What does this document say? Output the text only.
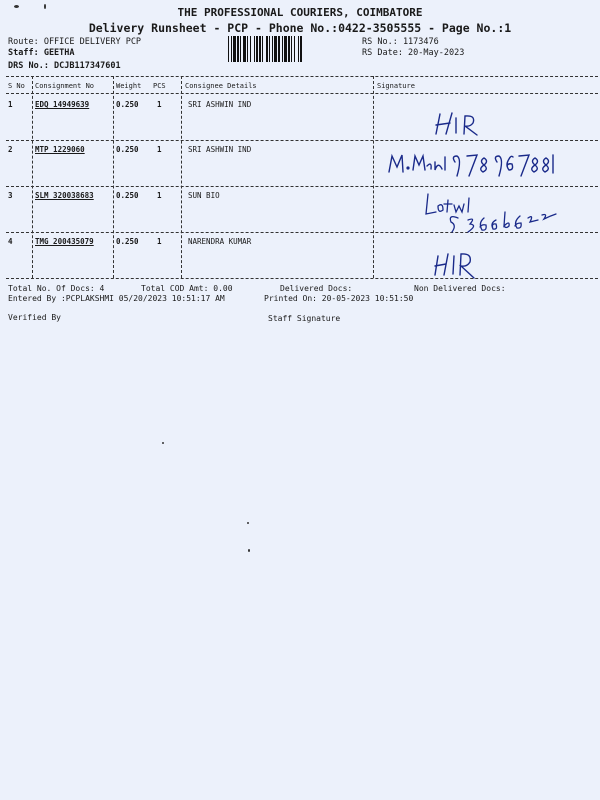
THE PROFESSIONAL COURIERS, COIMBATORE
Delivery Runsheet - PCP - Phone No.:0422-3505555 - Page No.:1
Route: OFFICE DELIVERY PCP
Staff: GEETHA
DRS No.: DCJB117347601
RS No.: 1173476
RS Date: 20-May-2023
S No Consignment No	Weight PCS	Consignee Details	Signature
1	EDQ 14949639	0.250 1	SRI ASHWIN IND
2	MTP 1229060	0.250 1	SRI ASHWIN IND
3	SLM 320038683	0.250 1	SUN BIO
4	TMG 200435079	0.250 1	NARENDRA KUMAR
Total No. Of Docs: 4	Total COD Amt: 0.00	Delivered Docs:	Non Delivered Docs:
Entered By :PCPLAKSHMI 05/20/2023 10:51:17 AM	Printed On: 20-05-2023 10:51:50
Verified By	Staff Signature
